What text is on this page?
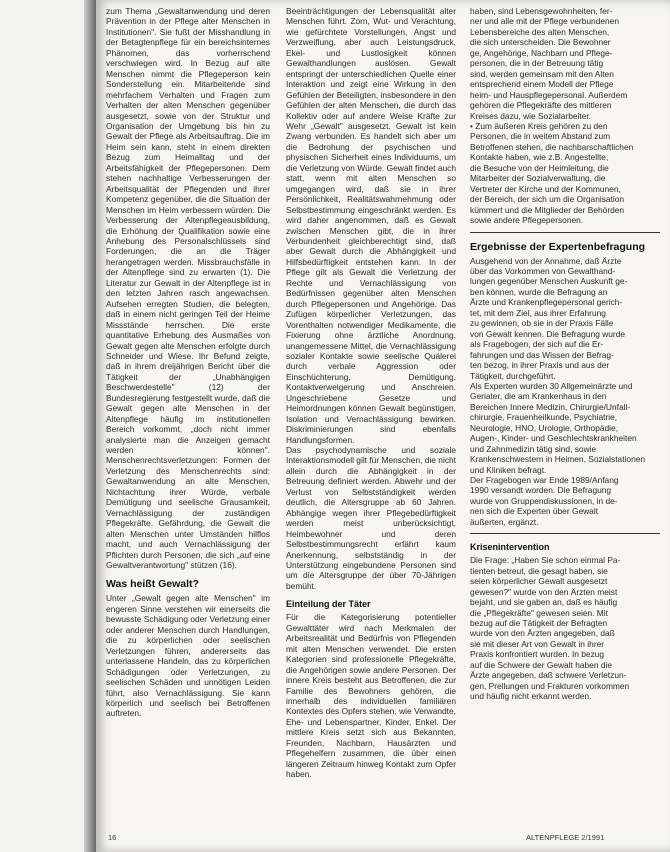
zum Thema „Gewaltanwendung und deren Prävention in der Pflege alter Menschen in Institutionen". Sie fußt der Misshandlung in der Betagtenpflege für ein bereichsinternes Phänomen, das vorherrschend verschwiegen wird. In Bezug auf alte Menschen nimmt die Pflegeperson kein Sonderstellung ein. Mitarbeitende sind mehrfachem Verhalten und Fragen zum Verhalten der alten Menschen gegenüber ausgesetzt, sowie von der Struktur und Organisation der Umgebung bis hin zu Gewalt der Pflege als Arbeitsauftrag. Die im Heim sein kann, steht in einem direkten Bezug zum Heimalltag und der Arbeitsfähigkeit der Pflegepersonen. Dem stehen nachhaltige Verbesserungen der Arbeitsqualität der Pflegenden und ihrer Kompetenz gegenüber, die die Situation der Menschen im Heim verbessern würden. Die Verbesserung der Altenpflegeausbildung, die Erhöhung der Qualifikation sowie eine Anhebung des Personalschlüssels sind Forderungen, die an die Träger herangetragen werden. Missbrauchsfälle in der Altenpflege sind zu erwarten (1). Die Literatur zur Gewalt in der Altenpflege ist in den letzten Jahren rasch angewachsen. Aufsehen erregten Studien, die belegten, daß in einem nicht geringen Teil der Heime Missstände herrschen. Die erste quantitative Erhebung des Ausmaßes von Gewalt gegen alte Menschen erfolgte durch Schneider und Wiese. Ihr Befund zeigte, daß in ihrem dreijährigen Bericht über die Tätigkeit der „Unabhängigen Beschwerdestelle" (12) der Bundesregierung festgestellt wurde, daß die Gewalt gegen alte Menschen in der Altenpflege häufig im institutionellen Bereich vorkommt, „doch nicht immer analysierte man die Anzeigen gemacht werden können". Menschenrechtsverletzungen: Formen der Verletzung des Menschenrechts sind: Gewaltanwendung an alte Menschen, Nichtachtung ihrer Würde, verbale Demütigung und seelische Grausamkeit, Vernachlässigung der zuständigen Pflegekräfte. Gefährdung, die Gewalt die alten Menschen unter Umständen hilflos macht, und auch Vernachlässigung der Pflichten durch Personen, die sich „auf eine Gewaltverantwortung" stützen (16).

Was heißt Gewalt?

Unter „Gewalt gegen alte Menschen" im engeren Sinne verstehen wir einerseits die bewusste Schädigung oder Verletzung einer oder anderer Menschen durch Handlungen, die zu körperlichen oder seelischen Verletzungen führen, andererseits das unterlassene Handeln, das zu körperlichen Schädigungen oder Verletzungen, zu seelischen Schäden und unnötigen Leiden führt, also Vernachlässigung. Sie kann körperlich und seelisch bei Betroffenen auftreten.

Beeinträchtigungen der Lebensqualität alter Menschen führt. Zorn, Wut- und Verachtung, wie gefürchtete Vorstellungen, Angst und Verzweiflung, aber auch Leistungsdruck, Ekel- und Lustlosigkeit können Gewalthandlungen auslösen. Gewalt entspringt der unterschiedlichen Quelle einer Interaktion und zeigt eine Wirkung in den Gefühlen der Beteiligten, insbesondere in den Gefühlen der alten Menschen, die durch das Kollektiv oder auf andere Weise Kräfte zur Wehr „Gewalt" ausgesetzt. Gewalt ist kein Zwang verbunden. Es handelt sich aber um die Bedrohung der psychischen und physischen Sicherheit eines Individuums, um die Verletzung von Würde. Gewalt findet auch statt, wenn mit alten Menschen so umgegangen wird, daß sie in ihrer Persönlichkeit, Realitätswahrnehmung oder Selbstbestimmung eingeschränkt werden. Es wird daher angenommen, daß es Gewalt zwischen Menschen gibt, die in ihrer Verbundenheit gleichberechtigt sind, daß aber Gewalt durch die Abhängigkeit und Hilfsbedürftigkeit entstehen kann. In der Pflege gilt als Gewalt die Verletzung der Rechte und Vernachlässigung von Bedürfnissen gegenüber alten Menschen durch Pflegepersonen und Angehörige. Das Zufügen körperlicher Verletzungen, das Vorenthalten notwendiger Medikamente, die Fixierung ohne ärztliche Anordnung, unangemessene Mittel, die Vernachlässigung sozialer Kontakte sowie seelische Quälerei durch verbale Aggression oder Einschüchterung, Demütigung, Kontaktverweigerung und Anschreien. Ungeschriebene Gesetze und Heimordnungen können Gewalt begünstigen, Isolation und Vernachlässigung bewirken. Diskriminierungen sind ebenfalls Handlungsformen.

Das psychodynamische und soziale Interaktionsmodell gilt für Menschen, die nicht allein durch die Abhängigkeit in der Betreuung definiert werden. Abwehr und der Verlust von Selbstständigkeit werden deutlich, die Altersgruppe ab 60 Jahren. Abhängige wegen ihrer Pflegebedürftigkeit werden meist unberücksichtigt, Heimbewohner und deren Selbstbestimmungsrecht erfährt kaum Anerkennung, selbstständig in der Unterstützung eingebundene Personen sind um die Altersgruppe der über 70-Jährigen bemüht.

Einteilung der Täter

Für die Kategorisierung potentieller Gewalttäter wird nach Merkmalen der Arbeitsrealität und Bedürfnis von Pflegenden mit alten Menschen verwendet. Die ersten Kategorien sind professionelle Pflegekräfte, die Angehörigen sowie andere Personen. Der innere Kreis besteht aus Betroffenen, die zur Familie des Bewohners gehören, die innerhalb des individuellen familiären Kontextes des Opfers stehen, wie Verwandte, Ehe- und Lebenspartner, Kinder, Enkel. Der mittlere Kreis setzt sich aus Bekannten, Freunden, Nachbarn, Hausärzten und Pflegehelfern zusammen, die über einen längeren Zeitraum hinweg Kontakt zum Opfer haben.

haben, sind Lebensgewohnheiten, fer-

ner und alle mit der Pflege verbundenen

Lebensbereiche des alten Menschen,

die sich unterscheiden. Die Bewohner

ge, Angehörige, Nachbarn und Pflege-

personen, die in der Betreuung tätig

sind, werden gemeinsam mit den Alten

entsprechend einem Modell der Pflege

heim- und Hauspflegepersonal. Außerdem

gehören die Pflegekräfte des mittleren

Kreises dazu, wie Sozialarbeiter.

• Zum äußeren Kreis gehören zu den

Personen, die in weitem Abstand zum

Betroffenen stehen, die nachbarschaftlichen

Kontakte haben, wie z.B. Angestellte,

die Besuche von der Heimleitung, die

Mitarbeiter der Sozialverwaltung, die

Vertreter der Kirche und der Kommunen,

der Bereich, der sich um die Organisation

kümmert und die Mitglieder der Behörden

sowie andere Pflegepersonen.

Ergebnisse der Expertenbefragung

Ausgehend von der Annahme, daß Ärzte

über das Vorkommen von Gewalthand-

lungen gegenüber Menschen Auskunft ge-

ben können, wurde die Befragung an

Ärzte und Krankenpflegepersonal gerich-

tet, mit dem Ziel, aus ihrer Erfahrung

zu gewinnen, ob sie in der Praxis Fälle

von Gewalt kennen. Die Befragung wurde

als Fragebogen, der sich auf die Er-

fahrungen und das Wissen der Befrag-

ten bezog, in ihrer Praxis und aus der

Tätigkeit, durchgeführt.

Als Experten wurden 30 Allgemeinärzte und

Geriater, die am Krankenhaus in den

Bereichen Innere Medizin, Chirurgie/Unfall-

chirurgie, Frauenheilkunde, Psychiatrie,

Neurologie, HNO, Urologie, Orthopädie,

Augen-, Kinder- und Geschlechtskrankheiten

und Zahnmedizin tätig sind, sowie

Krankenschwestern in Heimen, Sozialstationen

und Kliniken befragt.

Der Fragebogen war Ende 1989/Anfang

1990 versandt worden. Die Befragung

wurde von Gruppendiskussionen, in de-

nen sich die Experten über Gewalt

äußerten, ergänzt.

Krisenintervention

Die Frage: „Haben Sie schon einmal Pa-

tienten betreut, die gesagt haben, sie

seien körperlicher Gewalt ausgesetzt

gewesen?" wurde von den Ärzten meist

bejaht, und sie gaben an, daß es häufig

die „Pflegekräfte" gewesen seien. Mit

bezug auf die Tätigkeit der Befragten

wurde von den Ärzten angegeben, daß

sie mit dieser Art von Gewalt in ihrer

Praxis konfrontiert wurden. In bezug

auf die Schwere der Gewalt haben die

Ärzte angegeben, daß schwere Verletzun-

gen, Prellungen und Frakturen vorkommen

und häufig nicht erkannt werden.

16	ALTENPFLEGE 2/1991
